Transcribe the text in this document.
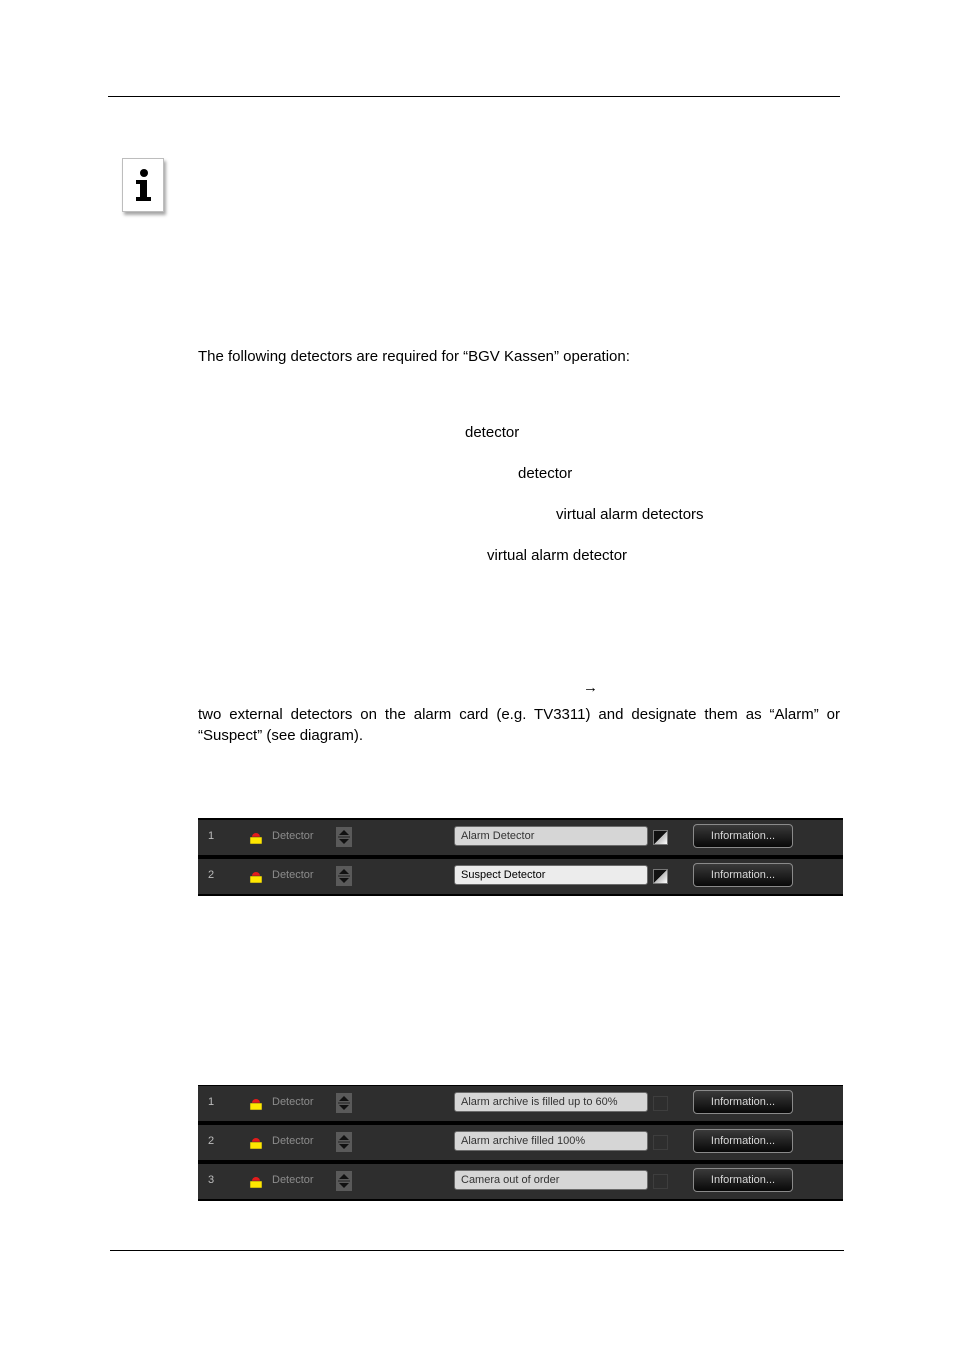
The following detectors are required for “BGV Kassen” operation:
detector
detector
virtual alarm detectors
virtual alarm detector
→
two external detectors on the alarm card (e.g. TV3311) and designate them as “Alarm” or
“Suspect” (see diagram).
1	Detector	Alarm Detector	Information...
2	Detector	Suspect Detector	Information...
1	Detector	Alarm archive is filled up to 60%	Information...
2	Detector	Alarm archive filled 100%	Information...
3	Detector	Camera out of order	Information...
